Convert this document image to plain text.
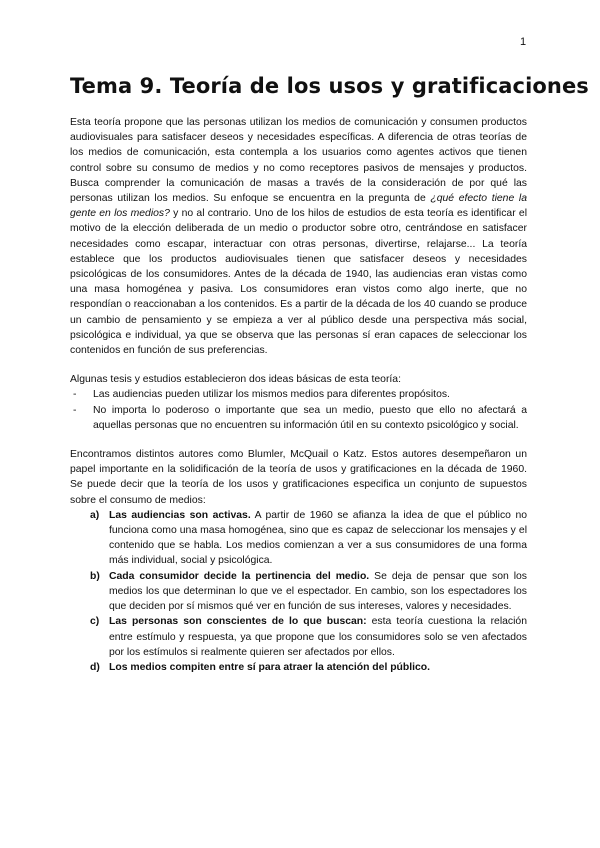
1
Tema 9. Teoría de los usos y gratificaciones

Esta teoría propone que las personas utilizan los medios de comunicación y consumen productos audiovisuales para satisfacer deseos y necesidades específicas. A diferencia de otras teorías de los medios de comunicación, esta contempla a los usuarios como agentes activos que tienen control sobre su consumo de medios y no como receptores pasivos de mensajes y productos. Busca comprender la comunicación de masas a través de la consideración de por qué las personas utilizan los medios. Su enfoque se encuentra en la pregunta de ¿qué efecto tiene la gente en los medios? y no al contrario. Uno de los hilos de estudios de esta teoría es identificar el motivo de la elección deliberada de un medio o productor sobre otro, centrándose en satisfacer necesidades como escapar, interactuar con otras personas, divertirse, relajarse... La teoría establece que los productos audiovisuales tienen que satisfacer deseos y necesidades psicológicas de los consumidores. Antes de la década de 1940, las audiencias eran vistas como una masa homogénea y pasiva. Los consumidores eran vistos como algo inerte, que no respondían o reaccionaban a los contenidos. Es a partir de la década de los 40 cuando se produce un cambio de pensamiento y se empieza a ver al público desde una perspectiva más social, psicológica e individual, ya que se observa que las personas sí eran capaces de seleccionar los contenidos en función de sus preferencias.

Algunas tesis y estudios establecieron dos ideas básicas de esta teoría:

- Las audiencias pueden utilizar los mismos medios para diferentes propósitos.
- No importa lo poderoso o importante que sea un medio, puesto que ello no afectará a aquellas personas que no encuentren su información útil en su contexto psicológico y social.

Encontramos distintos autores como Blumler, McQuail o Katz. Estos autores desempeñaron un papel importante en la solidificación de la teoría de usos y gratificaciones en la década de 1960. Se puede decir que la teoría de los usos y gratificaciones especifica un conjunto de supuestos sobre el consumo de medios:

a) Las audiencias son activas. A partir de 1960 se afianza la idea de que el público no funciona como una masa homogénea, sino que es capaz de seleccionar los mensajes y el contenido que se habla. Los medios comienzan a ver a sus consumidores de una forma más individual, social y psicológica.
b) Cada consumidor decide la pertinencia del medio. Se deja de pensar que son los medios los que determinan lo que ve el espectador. En cambio, son los espectadores los que deciden por sí mismos qué ver en función de sus intereses, valores y necesidades.
c) Las personas son conscientes de lo que buscan: esta teoría cuestiona la relación entre estímulo y respuesta, ya que propone que los consumidores solo se ven afectados por los estímulos si realmente quieren ser afectados por ellos.
d) Los medios compiten entre sí para atraer la atención del público.
